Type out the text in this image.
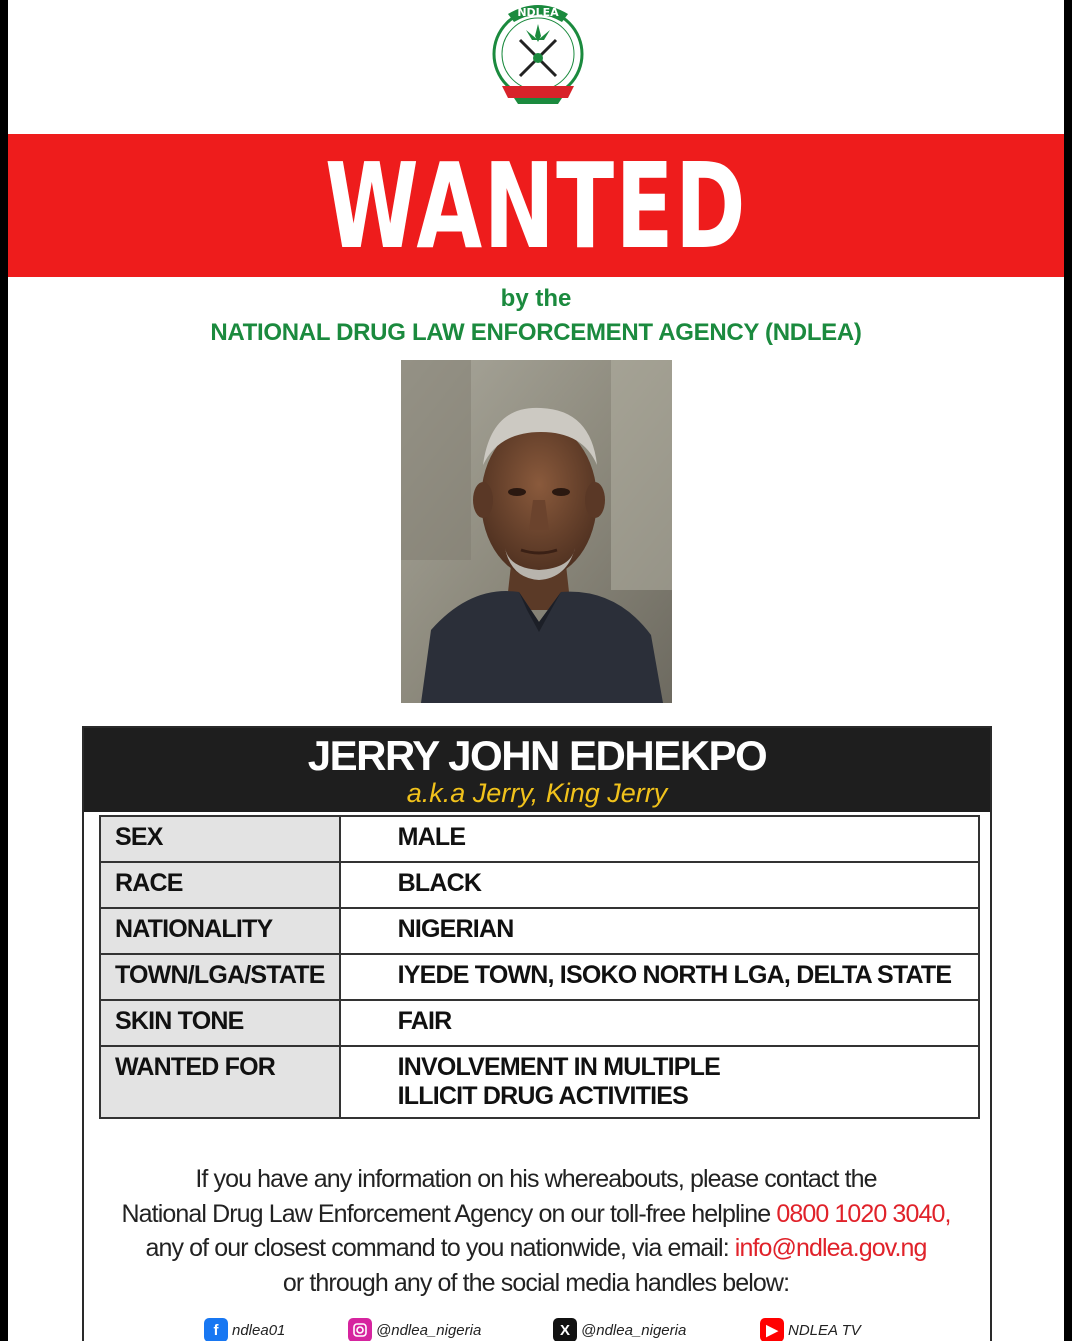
NDLEA
WANTED
by the
NATIONAL DRUG LAW ENFORCEMENT AGENCY (NDLEA)
JERRY JOHN EDHEKPO
a.k.a Jerry, King Jerry
SEX	MALE
RACE	BLACK
NATIONALITY	NIGERIAN
TOWN/LGA/STATE	IYEDE TOWN, ISOKO NORTH LGA, DELTA STATE
SKIN TONE	FAIR
WANTED FOR	INVOLVEMENT IN MULTIPLE
ILLICIT DRUG ACTIVITIES
If you have any information on his whereabouts, please contact the
National Drug Law Enforcement Agency on our toll-free helpline 0800 1020 3040,
any of our closest command to you nationwide, via email: info@ndlea.gov.ng
or through any of the social media handles below:
f ndlea01	@ndlea_nigeria	X @ndlea_nigeria	▶ NDLEA TV
